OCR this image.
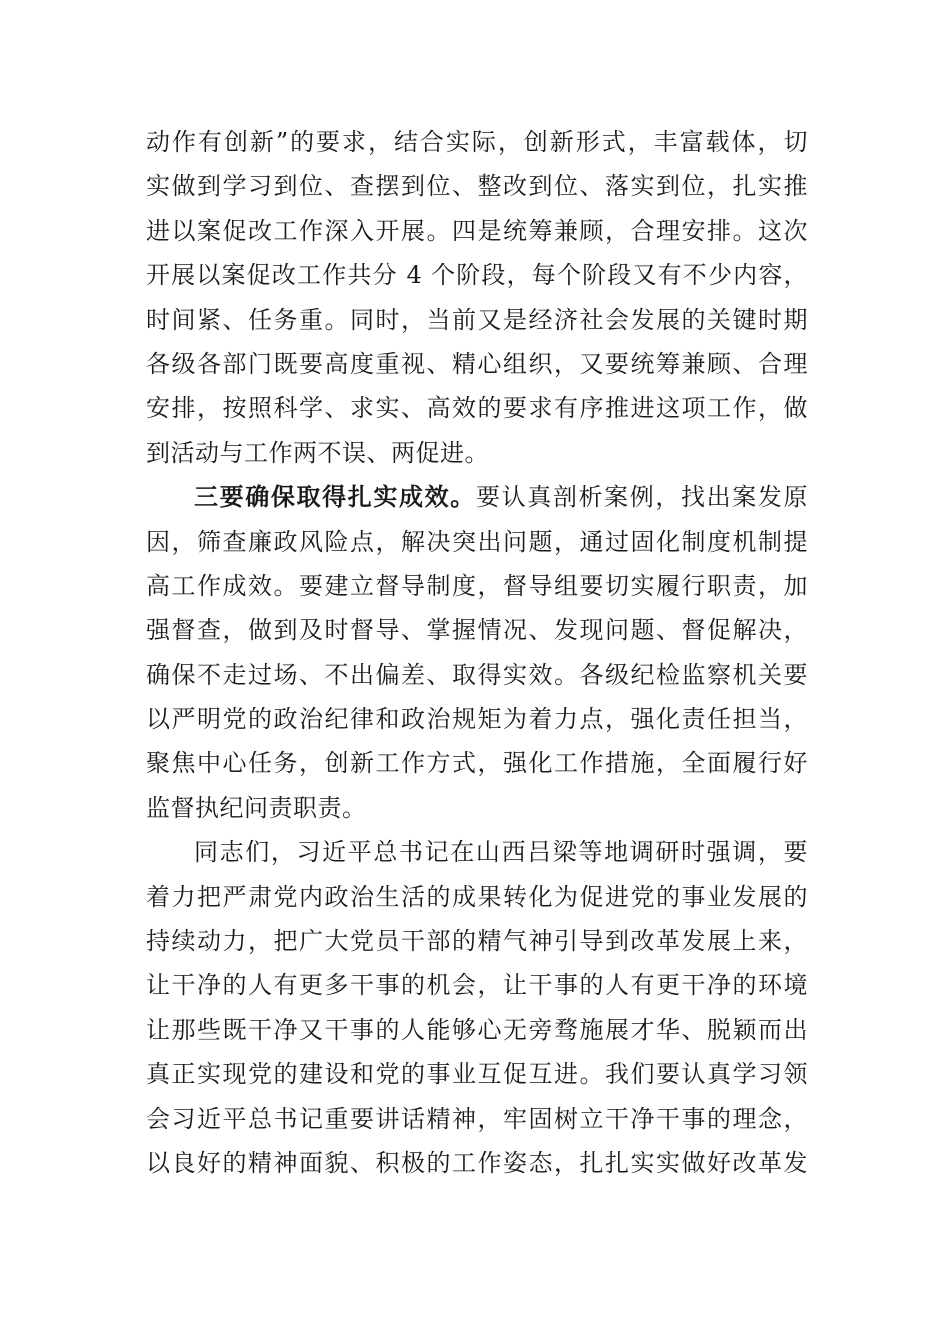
动作有创新”的要求，结合实际，创新形式，丰富载体，切
实做到学习到位、查摆到位、整改到位、落实到位，扎实推
进以案促改工作深入开展。四是统筹兼顾，合理安排。这次
开展以案促改工作共分 4 个阶段，每个阶段又有不少内容，
时间紧、任务重。同时，当前又是经济社会发展的关键时期
各级各部门既要高度重视、精心组织，又要统筹兼顾、合理
安排，按照科学、求实、高效的要求有序推进这项工作，做
到活动与工作两不误、两促进。
三要确保取得扎实成效。要认真剖析案例，找出案发原
因，筛查廉政风险点，解决突出问题，通过固化制度机制提
高工作成效。要建立督导制度，督导组要切实履行职责，加
强督查，做到及时督导、掌握情况、发现问题、督促解决，
确保不走过场、不出偏差、取得实效。各级纪检监察机关要
以严明党的政治纪律和政治规矩为着力点，强化责任担当，
聚焦中心任务，创新工作方式，强化工作措施，全面履行好
监督执纪问责职责。
同志们，习近平总书记在山西吕梁等地调研时强调，要
着力把严肃党内政治生活的成果转化为促进党的事业发展的
持续动力，把广大党员干部的精气神引导到改革发展上来，
让干净的人有更多干事的机会，让干事的人有更干净的环境
让那些既干净又干事的人能够心无旁骛施展才华、脱颖而出
真正实现党的建设和党的事业互促互进。我们要认真学习领
会习近平总书记重要讲话精神，牢固树立干净干事的理念，
以良好的精神面貌、积极的工作姿态，扎扎实实做好改革发
